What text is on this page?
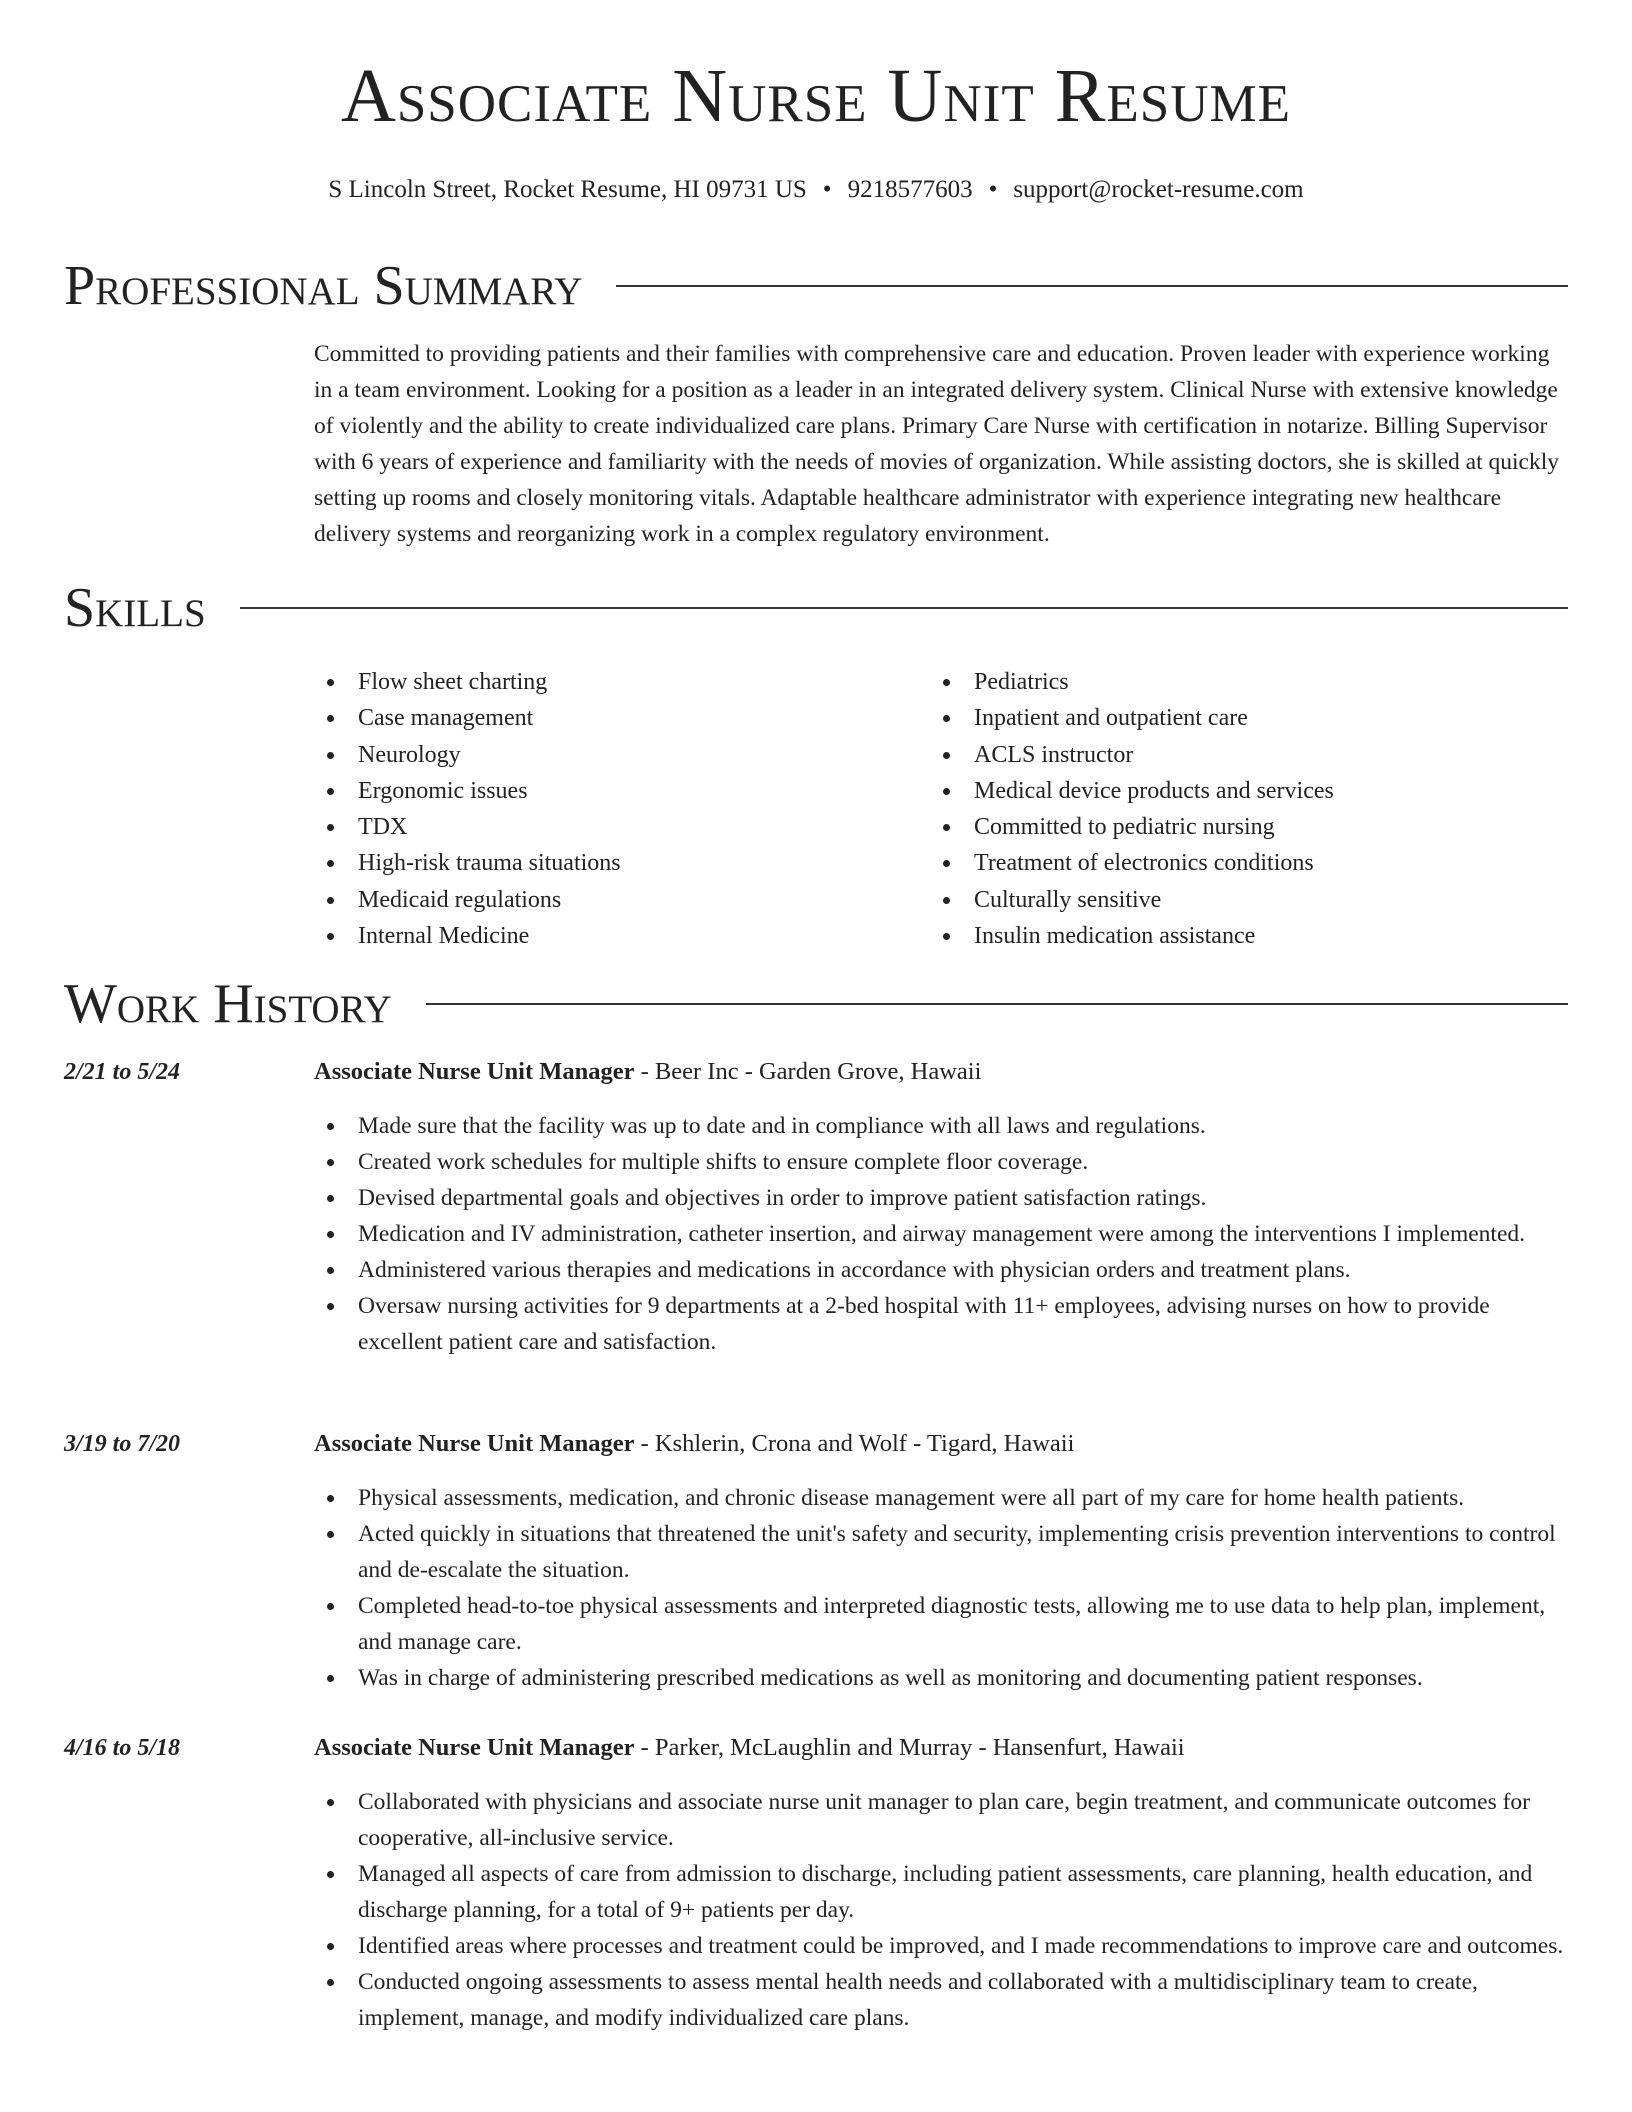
Associate Nurse Unit Resume
S Lincoln Street, Rocket Resume, HI 09731 US • 9218577603 • support@rocket-resume.com
Professional Summary
Committed to providing patients and their families with comprehensive care and education. Proven leader with experience working in a team environment. Looking for a position as a leader in an integrated delivery system. Clinical Nurse with extensive knowledge of violently and the ability to create individualized care plans. Primary Care Nurse with certification in notarize. Billing Supervisor with 6 years of experience and familiarity with the needs of movies of organization. While assisting doctors, she is skilled at quickly setting up rooms and closely monitoring vitals. Adaptable healthcare administrator with experience integrating new healthcare delivery systems and reorganizing work in a complex regulatory environment.
Skills
Flow sheet charting
Case management
Neurology
Ergonomic issues
TDX
High-risk trauma situations
Medicaid regulations
Internal Medicine
Pediatrics
Inpatient and outpatient care
ACLS instructor
Medical device products and services
Committed to pediatric nursing
Treatment of electronics conditions
Culturally sensitive
Insulin medication assistance
Work History
2/21 to 5/24	Associate Nurse Unit Manager - Beer Inc - Garden Grove, Hawaii
Made sure that the facility was up to date and in compliance with all laws and regulations.
Created work schedules for multiple shifts to ensure complete floor coverage.
Devised departmental goals and objectives in order to improve patient satisfaction ratings.
Medication and IV administration, catheter insertion, and airway management were among the interventions I implemented.
Administered various therapies and medications in accordance with physician orders and treatment plans.
Oversaw nursing activities for 9 departments at a 2-bed hospital with 11+ employees, advising nurses on how to provide excellent patient care and satisfaction.
3/19 to 7/20	Associate Nurse Unit Manager - Kshlerin, Crona and Wolf - Tigard, Hawaii
Physical assessments, medication, and chronic disease management were all part of my care for home health patients.
Acted quickly in situations that threatened the unit's safety and security, implementing crisis prevention interventions to control and de-escalate the situation.
Completed head-to-toe physical assessments and interpreted diagnostic tests, allowing me to use data to help plan, implement, and manage care.
Was in charge of administering prescribed medications as well as monitoring and documenting patient responses.
4/16 to 5/18	Associate Nurse Unit Manager - Parker, McLaughlin and Murray - Hansenfurt, Hawaii
Collaborated with physicians and associate nurse unit manager to plan care, begin treatment, and communicate outcomes for cooperative, all-inclusive service.
Managed all aspects of care from admission to discharge, including patient assessments, care planning, health education, and discharge planning, for a total of 9+ patients per day.
Identified areas where processes and treatment could be improved, and I made recommendations to improve care and outcomes.
Conducted ongoing assessments to assess mental health needs and collaborated with a multidisciplinary team to create, implement, manage, and modify individualized care plans.
